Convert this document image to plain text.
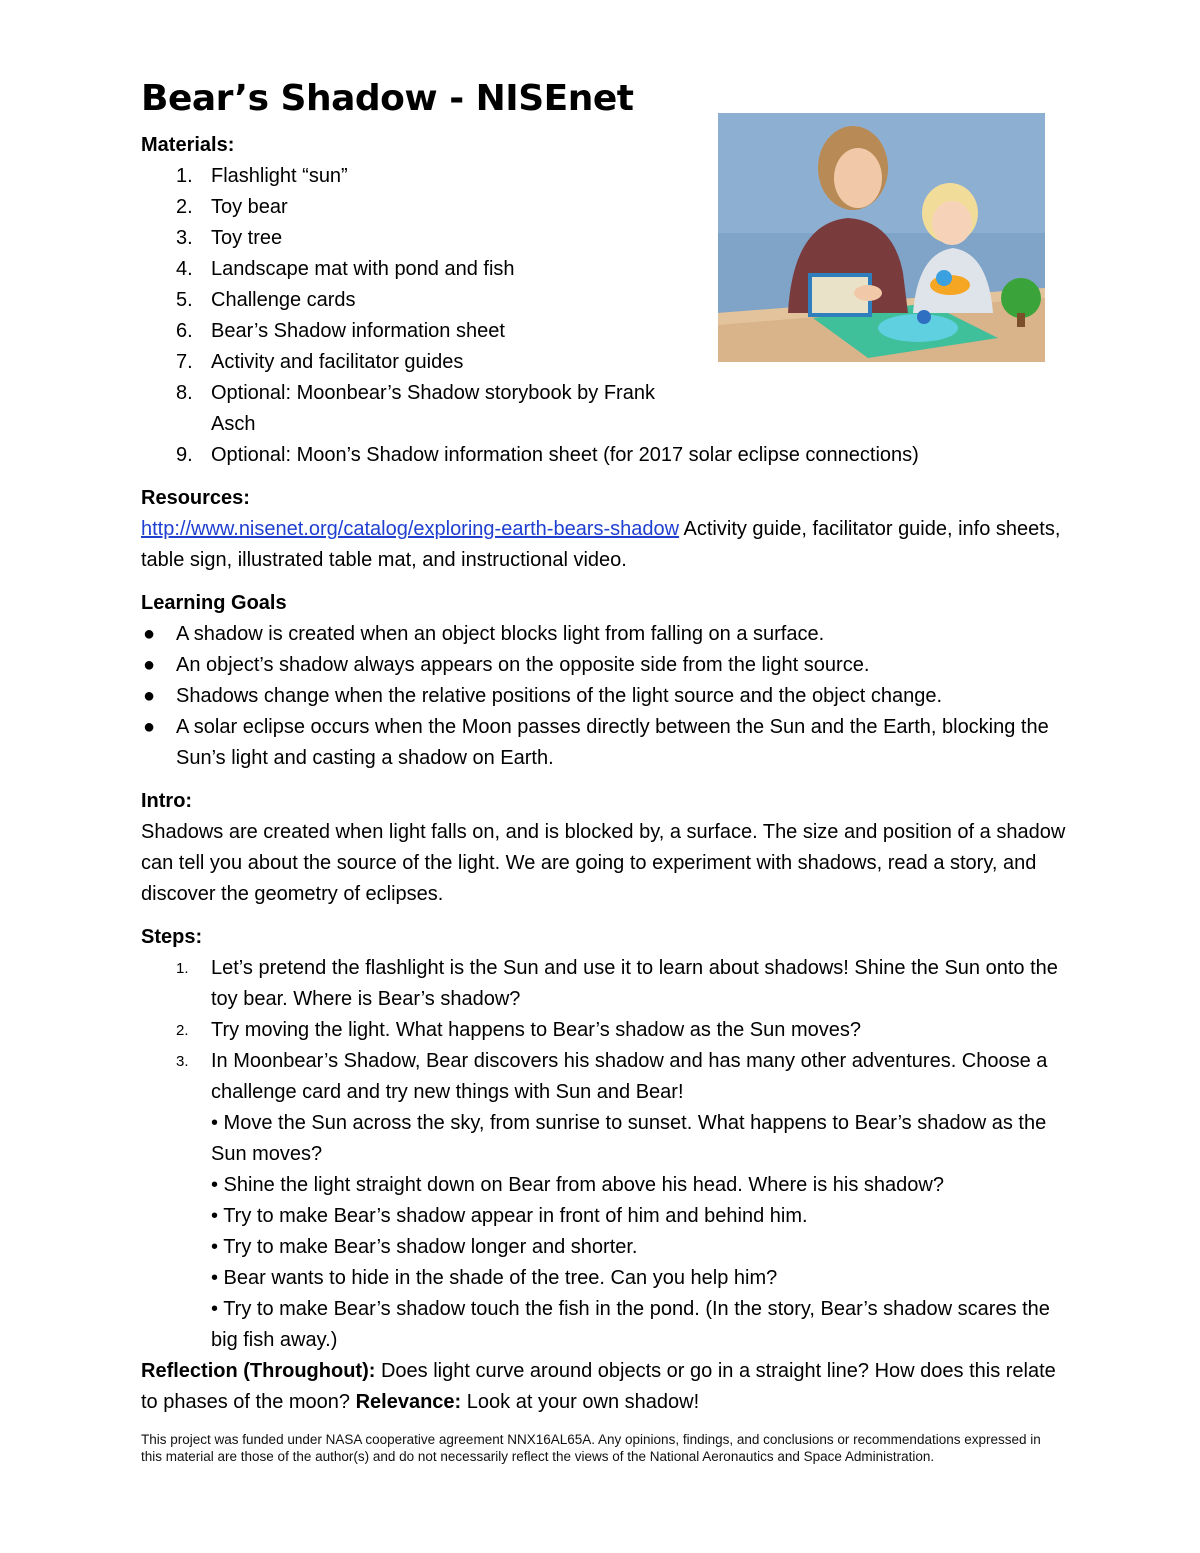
Bear’s Shadow - NISEnet

Materials:

1. Flashlight “sun”
2. Toy bear
3. Toy tree
4. Landscape mat with pond and fish
5. Challenge cards
6. Bear’s Shadow information sheet
7. Activity and facilitator guides
8. Optional: Moonbear’s Shadow storybook by Frank Asch
9. Optional: Moon’s Shadow information sheet (for 2017 solar eclipse connections)

Resources:

http://www.nisenet.org/catalog/exploring-earth-bears-shadow Activity guide, facilitator guide, info sheets, table sign, illustrated table mat, and instructional video.

Learning Goals

● A shadow is created when an object blocks light from falling on a surface.
● An object’s shadow always appears on the opposite side from the light source.
● Shadows change when the relative positions of the light source and the object change.
● A solar eclipse occurs when the Moon passes directly between the Sun and the Earth, blocking the Sun’s light and casting a shadow on Earth.

Intro:

Shadows are created when light falls on, and is blocked by, a surface. The size and position of a shadow can tell you about the source of the light. We are going to experiment with shadows, read a story, and discover the geometry of eclipses.

Steps:

1. Let’s pretend the flashlight is the Sun and use it to learn about shadows! Shine the Sun onto the toy bear. Where is Bear’s shadow?
2. Try moving the light. What happens to Bear’s shadow as the Sun moves?
3. In Moonbear’s Shadow, Bear discovers his shadow and has many other adventures. Choose a challenge card and try new things with Sun and Bear!
• Move the Sun across the sky, from sunrise to sunset. What happens to Bear’s shadow as the Sun moves?
• Shine the light straight down on Bear from above his head. Where is his shadow?
• Try to make Bear’s shadow appear in front of him and behind him.
• Try to make Bear’s shadow longer and shorter.
• Bear wants to hide in the shade of the tree. Can you help him?
• Try to make Bear’s shadow touch the fish in the pond. (In the story, Bear’s shadow scares the big fish away.)

Reflection (Throughout): Does light curve around objects or go in a straight line? How does this relate to phases of the moon? Relevance: Look at your own shadow!

This project was funded under NASA cooperative agreement NNX16AL65A. Any opinions, findings, and conclusions or recommendations expressed in this material are those of the author(s) and do not necessarily reflect the views of the National Aeronautics and Space Administration.
